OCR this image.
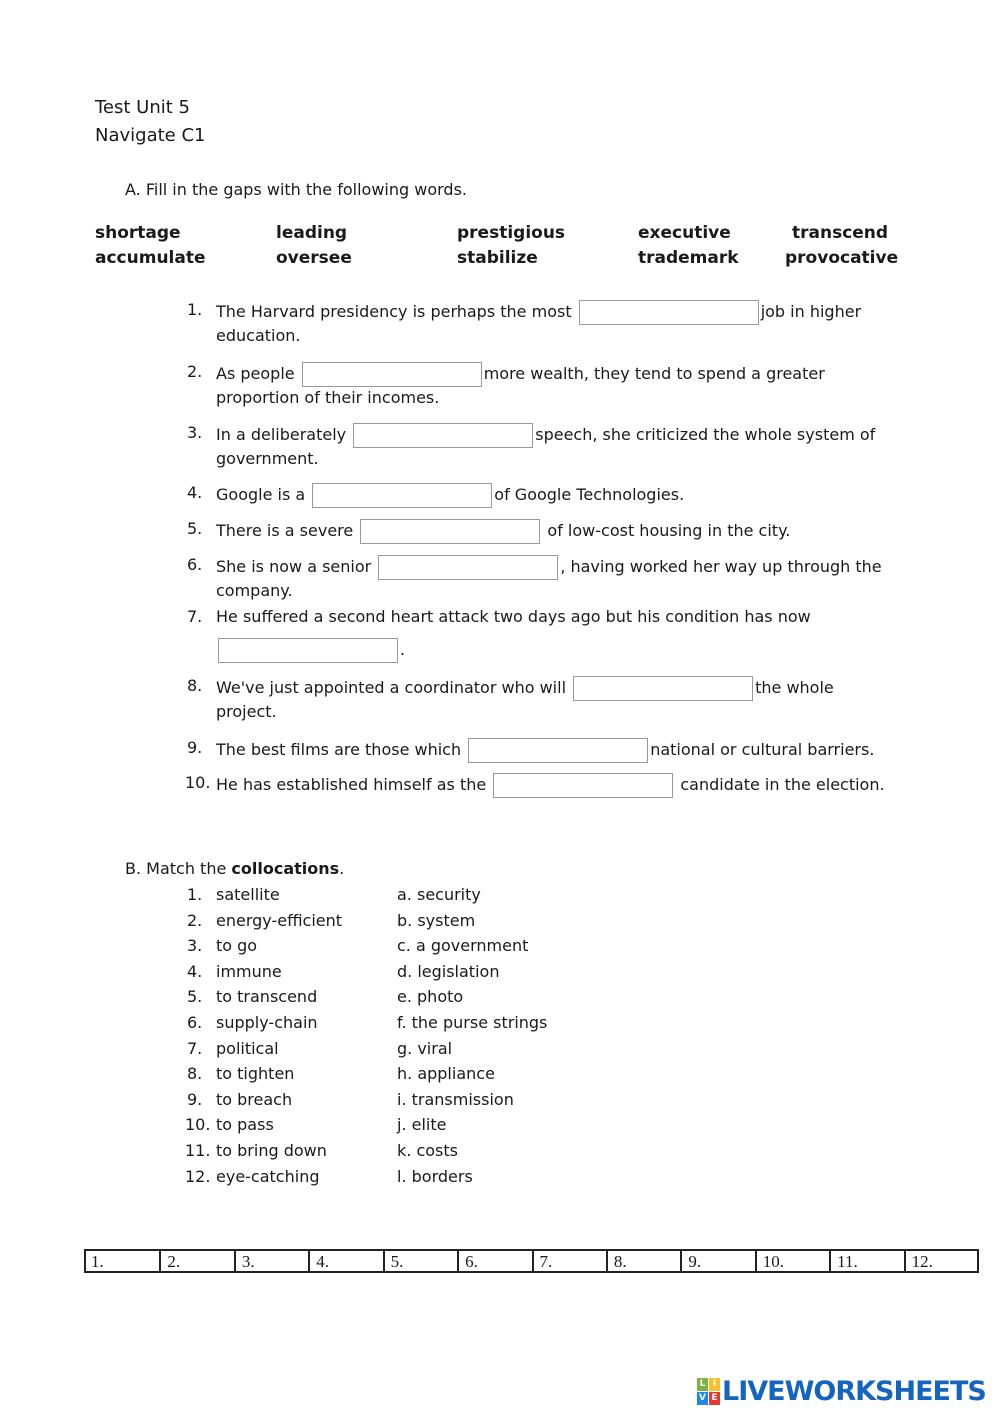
Test Unit 5
Navigate C1
A. Fill in the gaps with the following words.
shortage	leading	prestigious	executive	transcend
accumulate	oversee	stabilize	trademark	provocative
1. The Harvard presidency is perhaps the most	job in higher
education.
2. As people	more wealth, they tend to spend a greater
proportion of their incomes.
3. In a deliberately	speech, she criticized the whole system of
government.
4. Google is a	of Google Technologies.
5. There is a severe	of low-cost housing in the city.
6. She is now a senior	, having worked her way up through the
company.
7. He suffered a second heart attack two days ago but his condition has now
.
8. We've just appointed a coordinator who will	the whole
project.
9. The best films are those which	national or cultural barriers.
10. He has established himself as the	candidate in the election.
B. Match the collocations.
1. satellite	a. security
2. energy-efficient	b. system
3. to go	c. a government
4. immune	d. legislation
5. to transcend	e. photo
6. supply-chain	f. the purse strings
7. political	g. viral
8. to tighten	h. appliance
9. to breach	i. transmission
10. to pass	j. elite
11. to bring down	k. costs
12. eye-catching	l. borders
1.	2.	3.	4.	5.	6.	7.	8.	9.	10.	11.	12.
L I
V E LIVEWORKSHEETS
